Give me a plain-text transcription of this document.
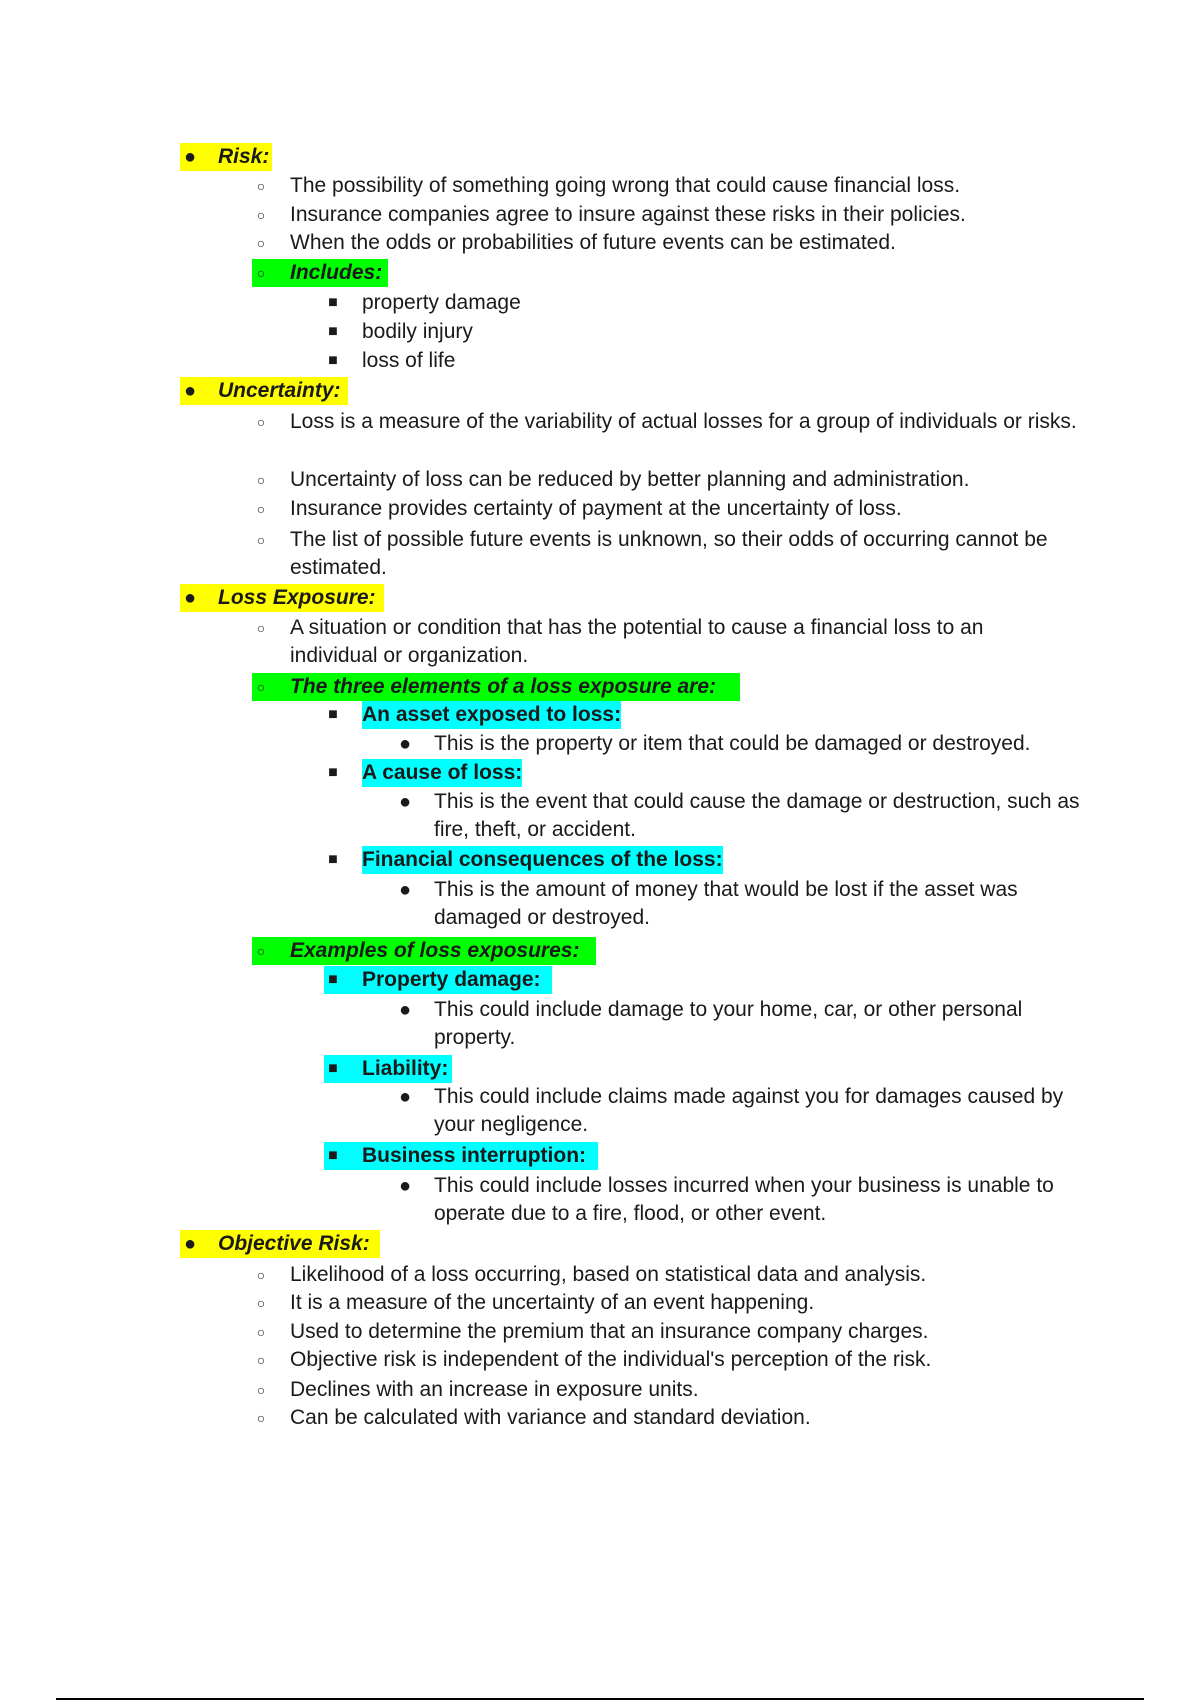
●	Risk:
○	The possibility of something going wrong that could cause financial loss.
○	Insurance companies agree to insure against these risks in their policies.
○	When the odds or probabilities of future events can be estimated.
○	Includes:
■	property damage
■	bodily injury
■	loss of life
●	Uncertainty:
○	Loss is a measure of the variability of actual losses for a group of individuals or risks.
○	Uncertainty of loss can be reduced by better planning and administration.
○	Insurance provides certainty of payment at the uncertainty of loss.
○	The list of possible future events is unknown, so their odds of occurring cannot be estimated.
●	Loss Exposure:
○	A situation or condition that has the potential to cause a financial loss to an individual or organization.
○	The three elements of a loss exposure are:
■	An asset exposed to loss:
●	This is the property or item that could be damaged or destroyed.
■	A cause of loss:
●	This is the event that could cause the damage or destruction, such as fire, theft, or accident.
■	Financial consequences of the loss:
●	This is the amount of money that would be lost if the asset was damaged or destroyed.
○	Examples of loss exposures:
■	Property damage:
●	This could include damage to your home, car, or other personal property.
■	Liability:
●	This could include claims made against you for damages caused by your negligence.
■	Business interruption:
●	This could include losses incurred when your business is unable to operate due to a fire, flood, or other event.
●	Objective Risk:
○	Likelihood of a loss occurring, based on statistical data and analysis.
○	It is a measure of the uncertainty of an event happening.
○	Used to determine the premium that an insurance company charges.
○	Objective risk is independent of the individual's perception of the risk.
○	Declines with an increase in exposure units.
○	Can be calculated with variance and standard deviation.
